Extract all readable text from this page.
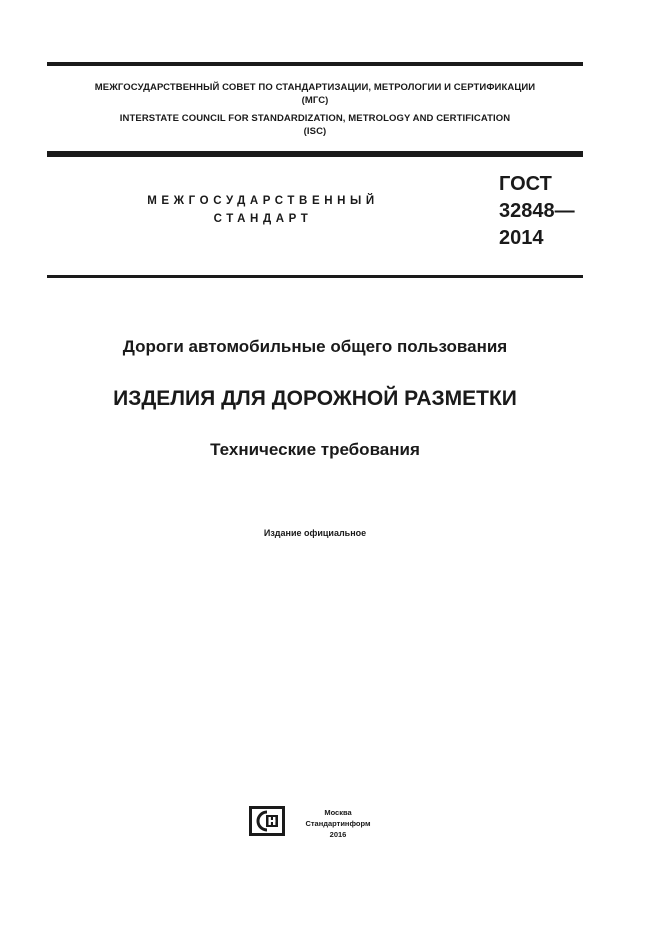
МЕЖГОСУДАРСТВЕННЫЙ СОВЕТ ПО СТАНДАРТИЗАЦИИ, МЕТРОЛОГИИ И СЕРТИФИКАЦИИ
(МГС)
INTERSTATE COUNCIL FOR STANDARDIZATION, METROLOGY AND CERTIFICATION
(ISC)
МЕЖГОСУДАРСТВЕННЫЙ
СТАНДАРТ
ГОСТ
32848—
2014
Дороги автомобильные общего пользования
ИЗДЕЛИЯ ДЛЯ ДОРОЖНОЙ РАЗМЕТКИ
Технические требования
Издание официальное
Москва
Стандартинформ
2016
